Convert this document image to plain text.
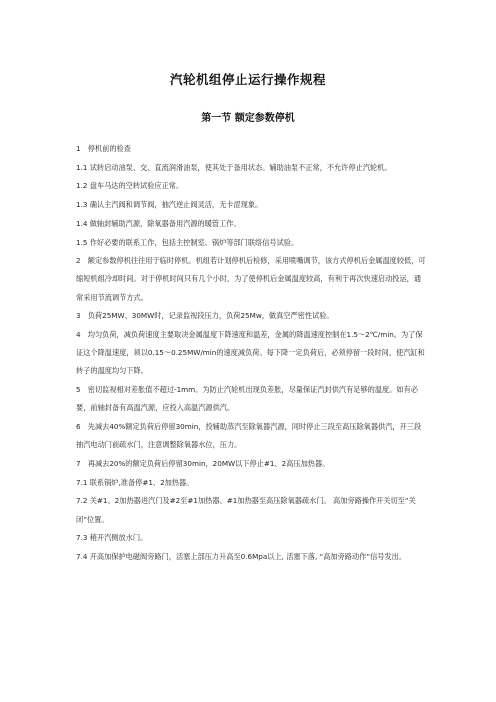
汽轮机组停止运行操作规程
第一节 额定参数停机

1　停机前的检查

1.1 试转启动油泵、交、直流润滑油泵，使其处于备用状态。辅助油泵不正常，不允许停止汽轮机。

1.2 盘车马达的空转试验应正常。

1.3 确认主汽阀和调节阀，抽汽逆止阀灵活，无卡涩现象。

1.4 做轴封辅助汽源，除氧器备用汽源的暖管工作。

1.5 作好必要的联系工作，包括主控制室、锅炉等部门联络信号试验。

2　额定参数停机往往用于临时停机。机组若计划停机后检修，采用喷嘴调节，该方式停机后金属温度较低，可缩短机组冷却时间。对于停机时间只有几个小时，为了使停机后金属温度较高，有利于再次快速启动投运，通常采用节流调节方式。

3　负荷25MW、30MW时，记录监视段压力，负荷25Mw，做真空严密性试验。

4　均匀负荷，减负荷速度主要取决金属温度下降速度和温差，金属的降温速度控制在1.5～2℃/min。为了保证这个降温速度，须以0.15～0.25MW/min的速度减负荷。每下降一定负荷后，必须停留一段时间，使汽缸和转子的温度均匀下降。

5　密切监视相对差胀值不超过-1mm。为防止汽轮机出现负差胀，尽量保证汽封供汽有足够的温度。如有必要，前轴封备有高温汽源，应投入高温汽源供汽。

6　先减去40%额定负荷后停留30min，投辅助蒸汽至除氧器汽源，同时停止三段至高压除氧器供汽，开三段抽汽电动门前疏水门，注意调整除氧器水位，压力。

7　再减去20%的额定负荷后停留30min，20MW以下停止#1、2高压加热器。

7.1 联系锅炉,准备停#1、2加热器。

7.2 关#1、2加热器进汽门及#2至#1加热器、#1加热器至高压除氧器疏水门。 高加旁路操作开关切至“关闭”位置。

7.3 稍开汽侧放水门。

7.4 开高加保护电磁阀旁路门，活塞上部压力升高至0.6Mpa以上, 活塞下落, “高加旁路动作”信号发出。
